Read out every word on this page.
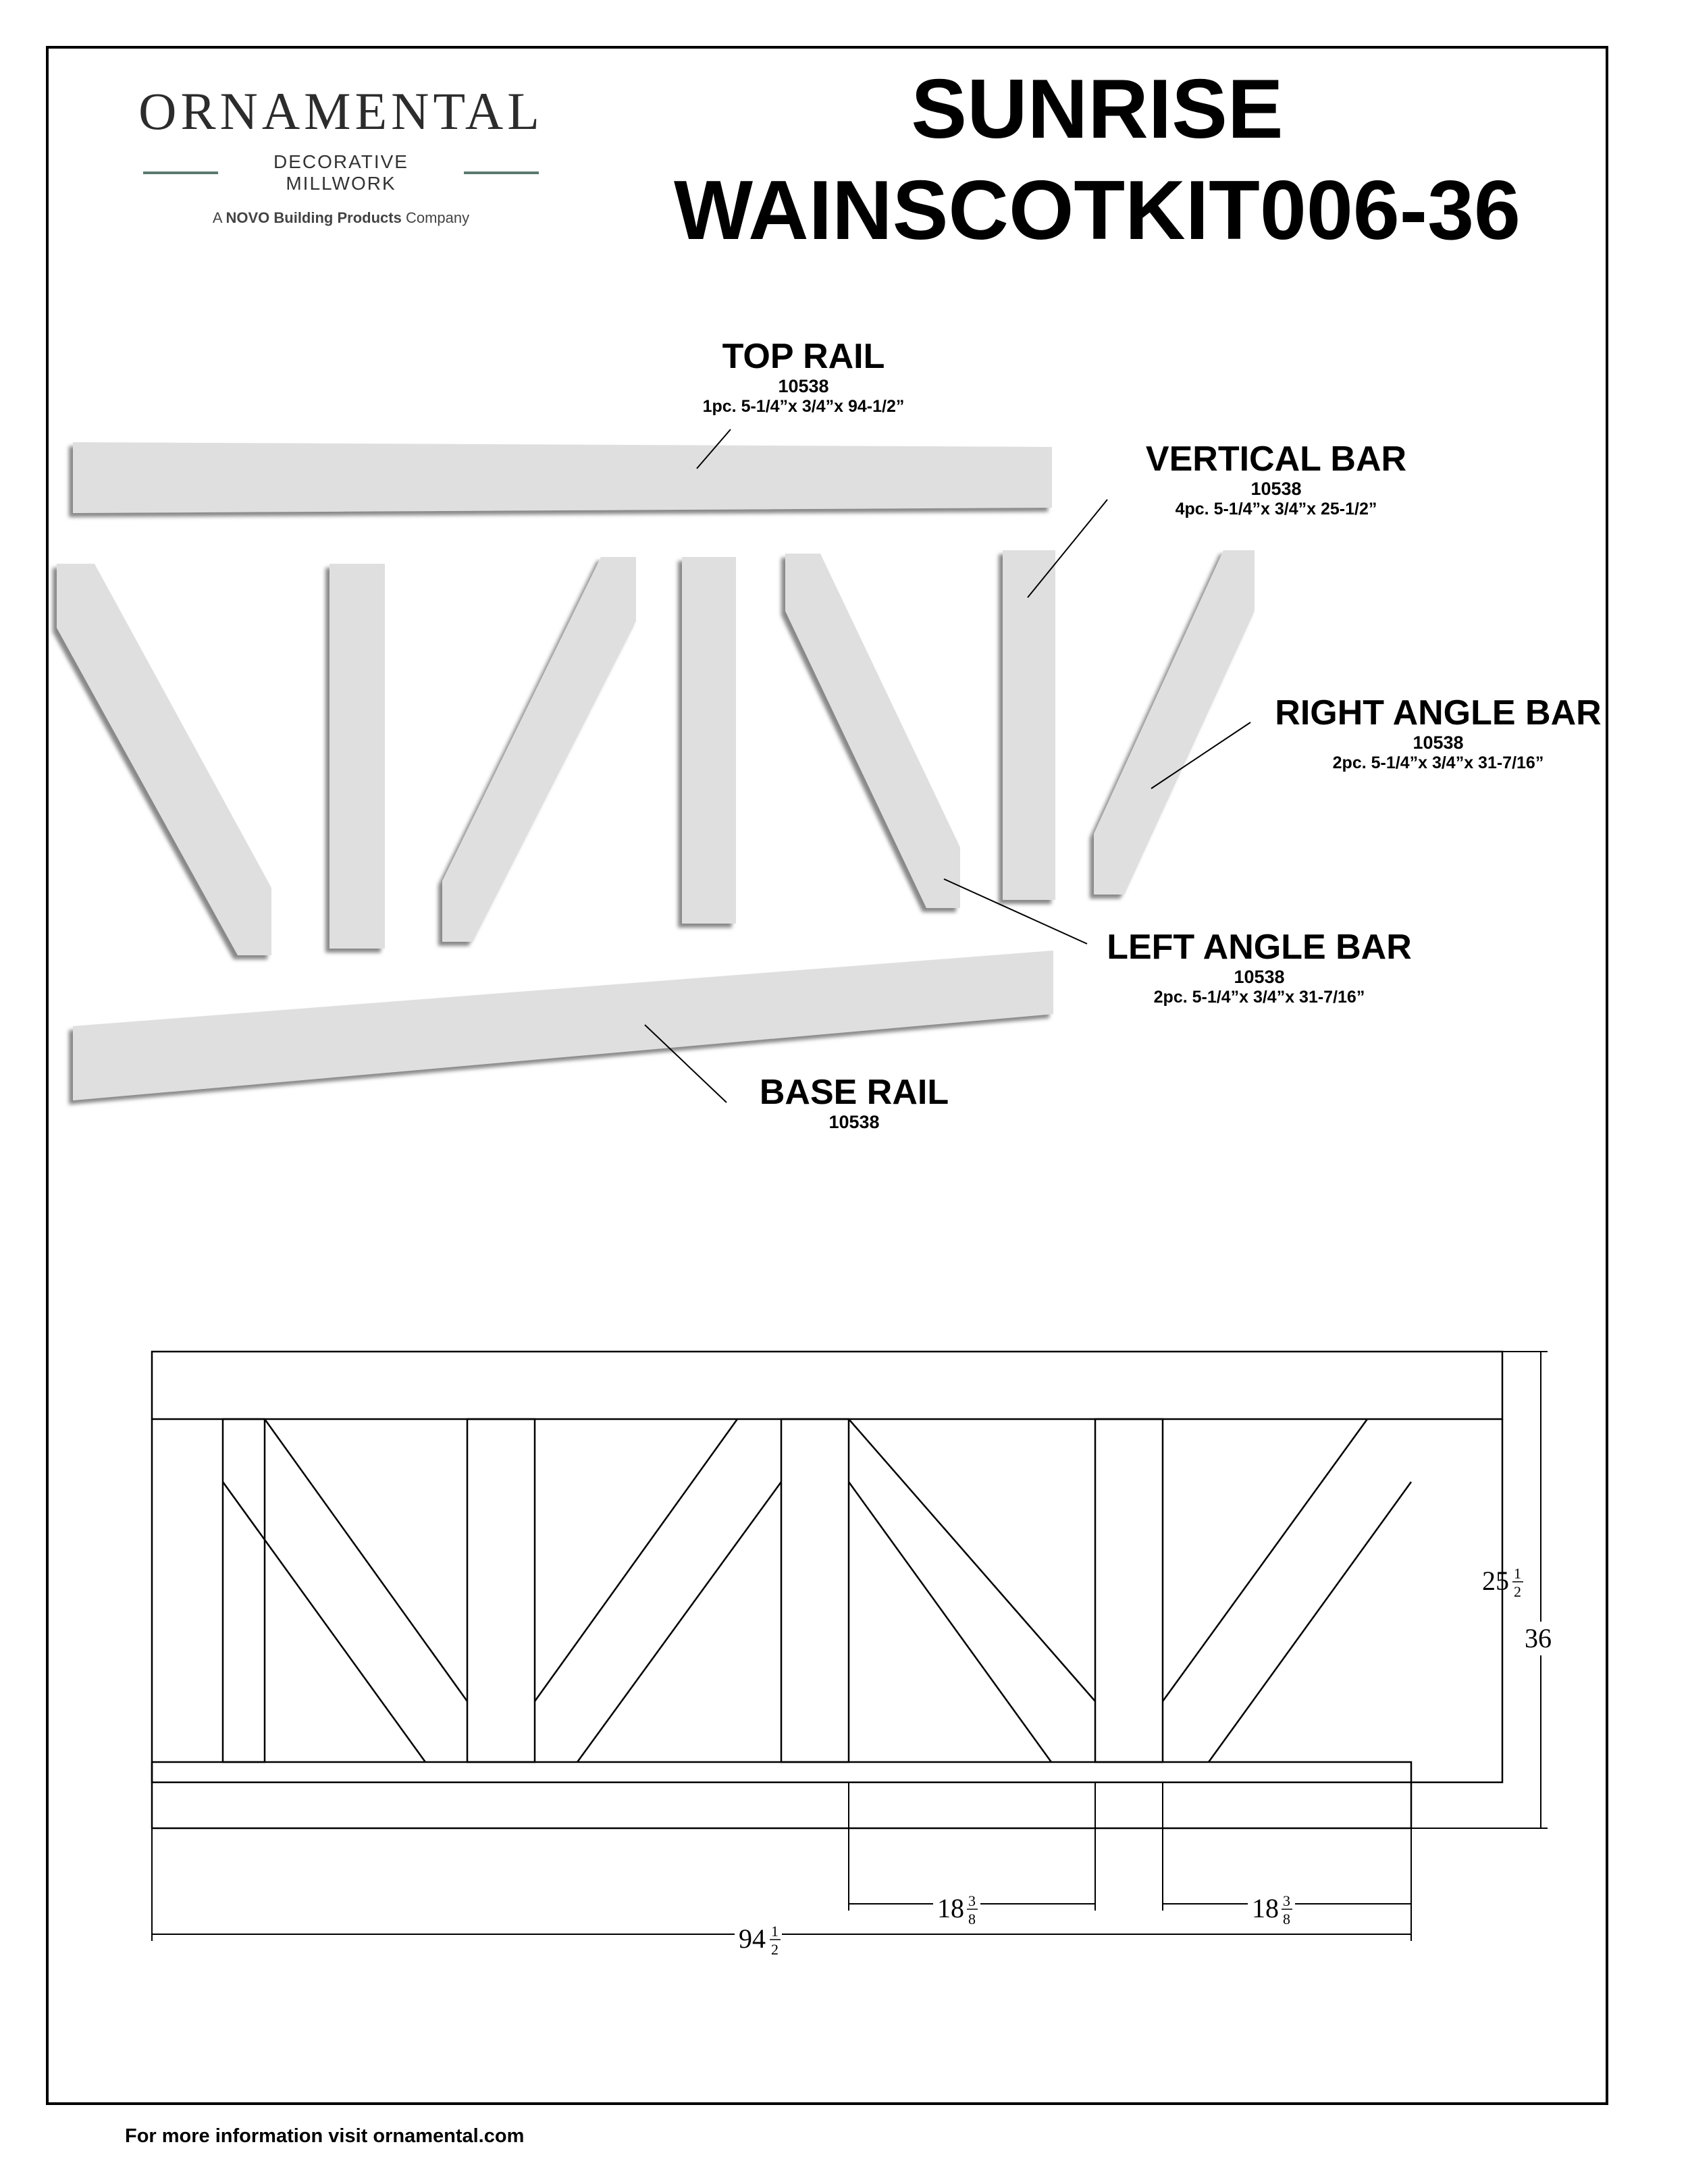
ORNAMENTAL
DECORATIVE MILLWORK
A NOVO Building Products Company
SUNRISE
WAINSCOTKIT006-36
TOP RAIL
10538
1pc. 5-1/4”x 3/4”x 94-1/2”
VERTICAL BAR
10538
4pc. 5-1/4”x 3/4”x 25-1/2”
RIGHT ANGLE BAR
10538
2pc. 5-1/4”x 3/4”x 31-7/16”
LEFT ANGLE BAR
10538
2pc. 5-1/4”x 3/4”x 31-7/16”
BASE RAIL
10538
94 1
2
18 3
8	18 3
8
25 1
2
36
For more information visit ornamental.com
